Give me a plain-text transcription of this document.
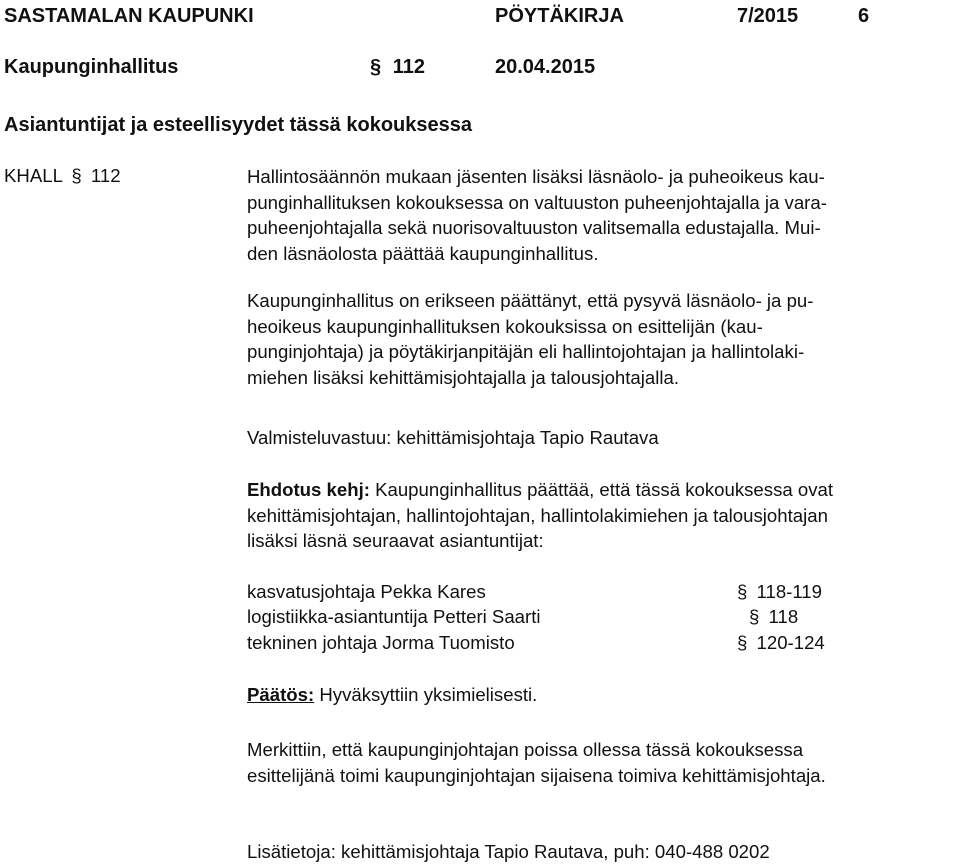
SASTAMALAN KAUPUNKI	PÖYTÄKIRJA	7/2015	6
Kaupunginhallitus	§ 112	20.04.2015
Asiantuntijat ja esteellisyydet tässä kokouksessa
KHALL § 112	Hallintosäännön mukaan jäsenten lisäksi läsnäolo- ja puheoikeus kau-
punginhallituksen kokouksessa on valtuuston puheenjohtajalla ja vara-
puheenjohtajalla sekä nuorisovaltuuston valitsemalla edustajalla. Mui-
den läsnäolosta päättää kaupunginhallitus.
Kaupunginhallitus on erikseen päättänyt, että pysyvä läsnäolo- ja pu-
heoikeus kaupunginhallituksen kokouksissa on esittelijän (kau-
punginjohtaja) ja pöytäkirjanpitäjän eli hallintojohtajan ja hallintolaki-
miehen lisäksi kehittämisjohtajalla ja talousjohtajalla.
Valmisteluvastuu: kehittämisjohtaja Tapio Rautava
Ehdotus kehj: Kaupunginhallitus päättää, että tässä kokouksessa ovat
kehittämisjohtajan, hallintojohtajan, hallintolakimiehen ja talousjohtajan
lisäksi läsnä seuraavat asiantuntijat:
kasvatusjohtaja Pekka Kares	§ 118-119
logistiikka-asiantuntija Petteri Saarti	§ 118
tekninen johtaja Jorma Tuomisto	§ 120-124
Päätös: Hyväksyttiin yksimielisesti.
Merkittiin, että kaupunginjohtajan poissa ollessa tässä kokouksessa
esittelijänä toimi kaupunginjohtajan sijaisena toimiva kehittämisjohtaja.
Lisätietoja: kehittämisjohtaja Tapio Rautava, puh: 040-488 0202
